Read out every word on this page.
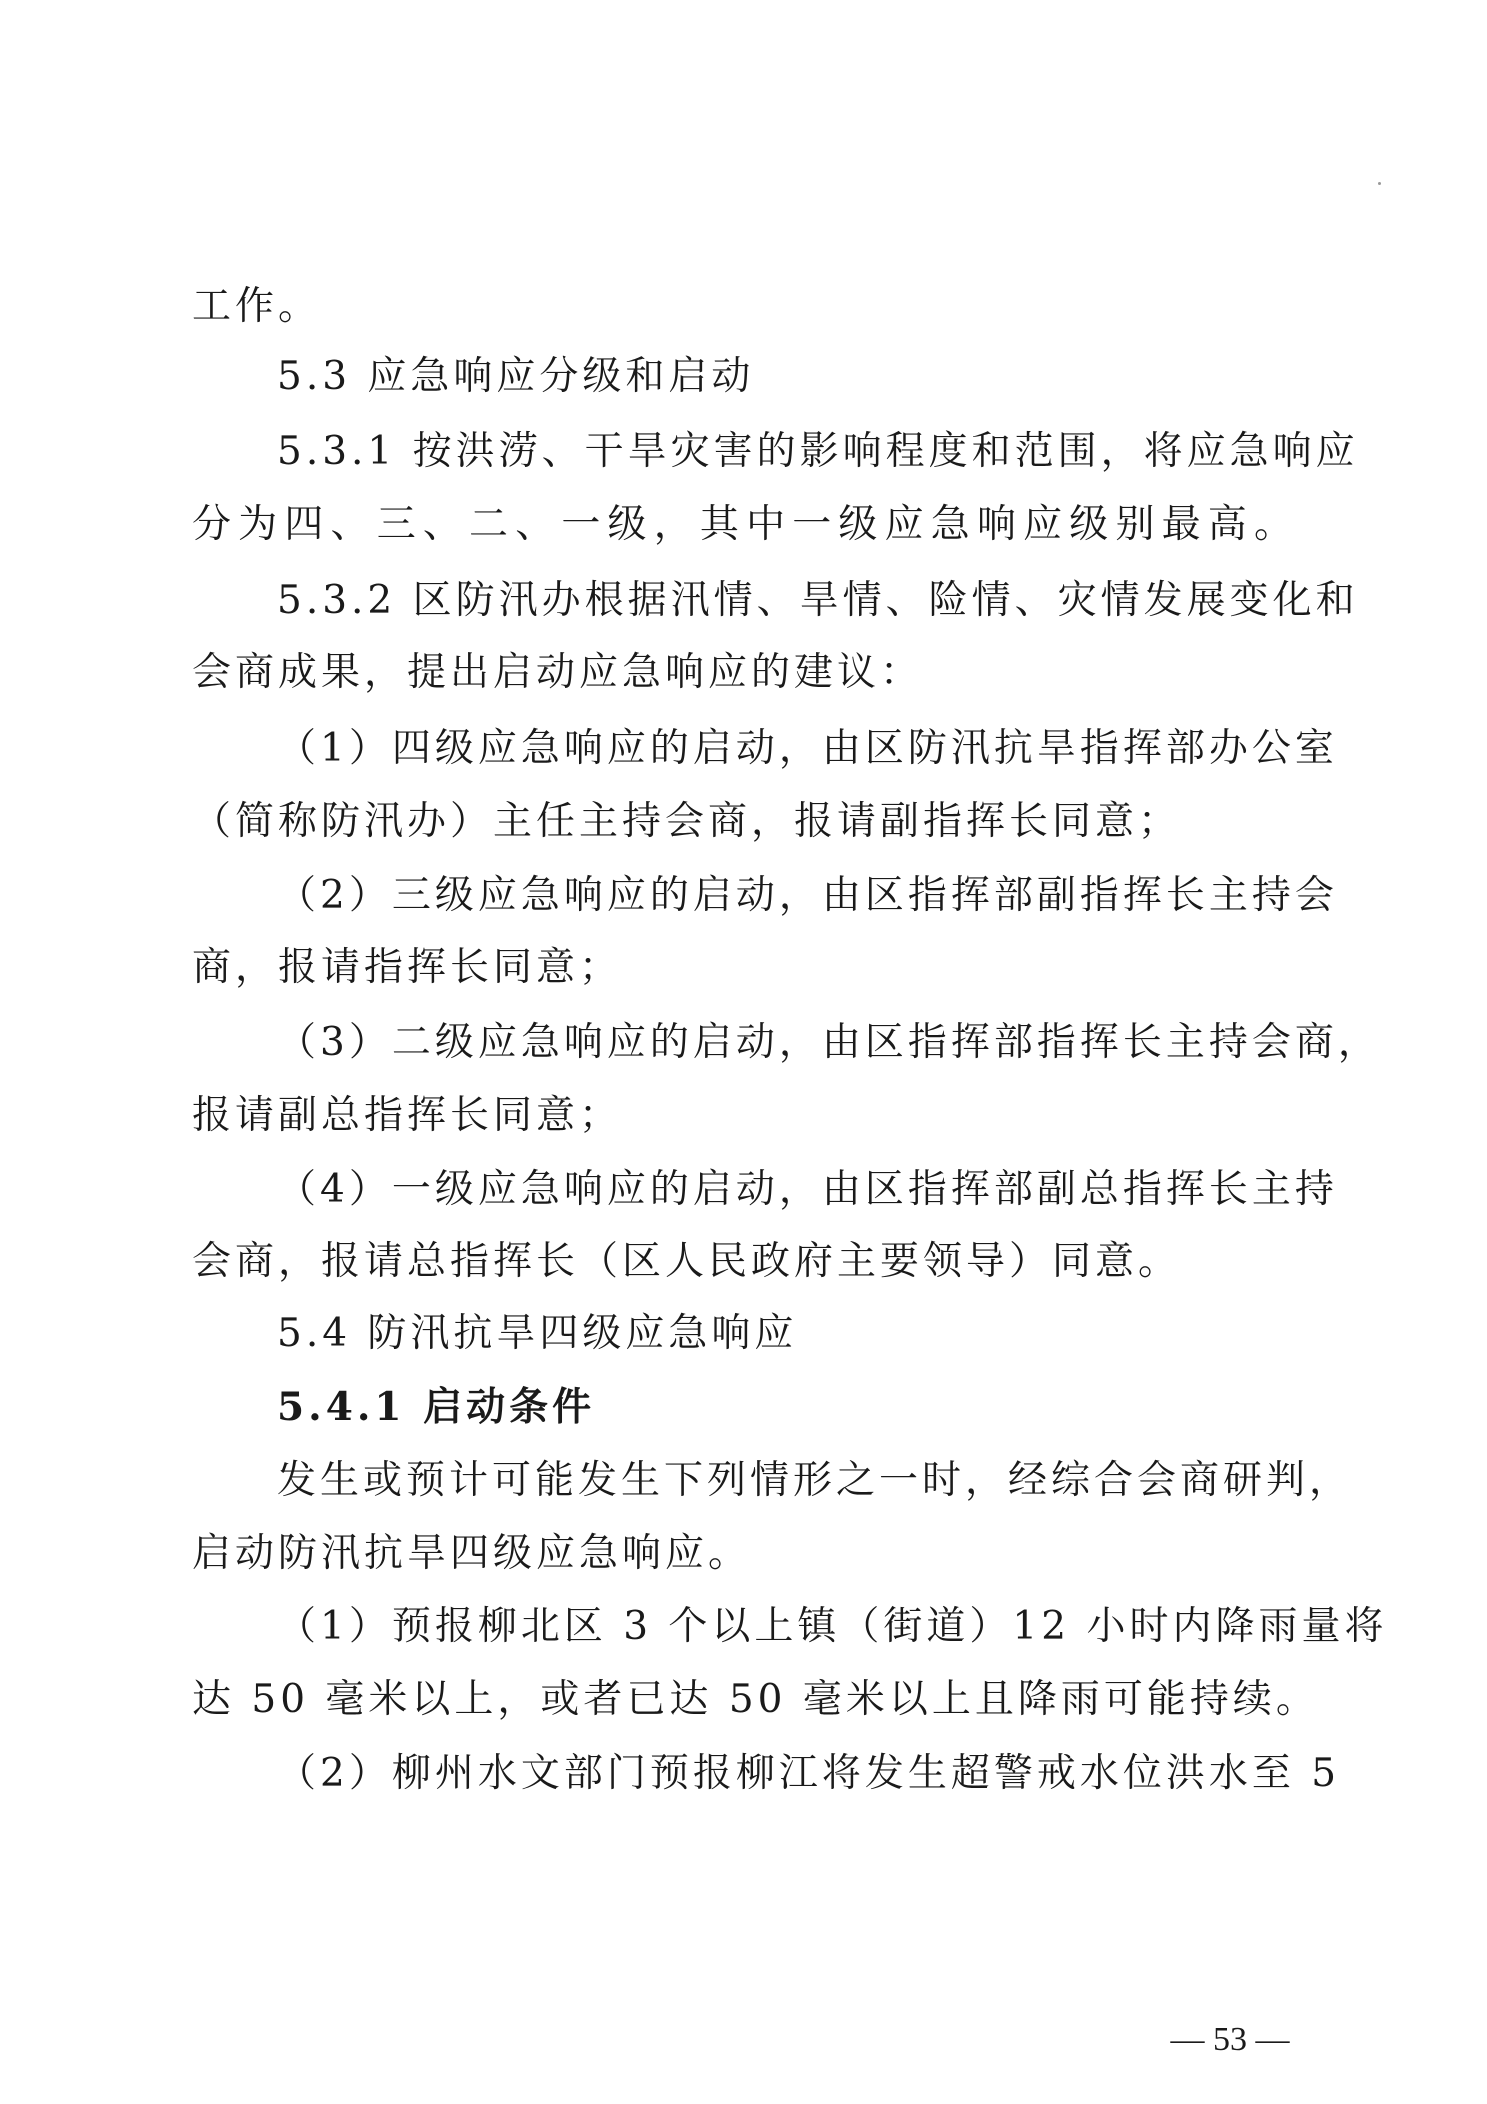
工作。
5.3 应急响应分级和启动
5.3.1 按洪涝、干旱灾害的影响程度和范围，将应急响应
分为四、三、二、一级，其中一级应急响应级别最高。
5.3.2 区防汛办根据汛情、旱情、险情、灾情发展变化和
会商成果，提出启动应急响应的建议：
（1）四级应急响应的启动，由区防汛抗旱指挥部办公室
（简称防汛办）主任主持会商，报请副指挥长同意；
（2）三级应急响应的启动，由区指挥部副指挥长主持会
商，报请指挥长同意；
（3）二级应急响应的启动，由区指挥部指挥长主持会商，
报请副总指挥长同意；
（4）一级应急响应的启动，由区指挥部副总指挥长主持
会商，报请总指挥长（区人民政府主要领导）同意。
5.4 防汛抗旱四级应急响应
5.4.1 启动条件
发生或预计可能发生下列情形之一时，经综合会商研判，
启动防汛抗旱四级应急响应。
（1）预报柳北区 3 个以上镇（街道）12 小时内降雨量将
达 50 毫米以上，或者已达 50 毫米以上且降雨可能持续。
（2）柳州水文部门预报柳江将发生超警戒水位洪水至 5
— 53 —
